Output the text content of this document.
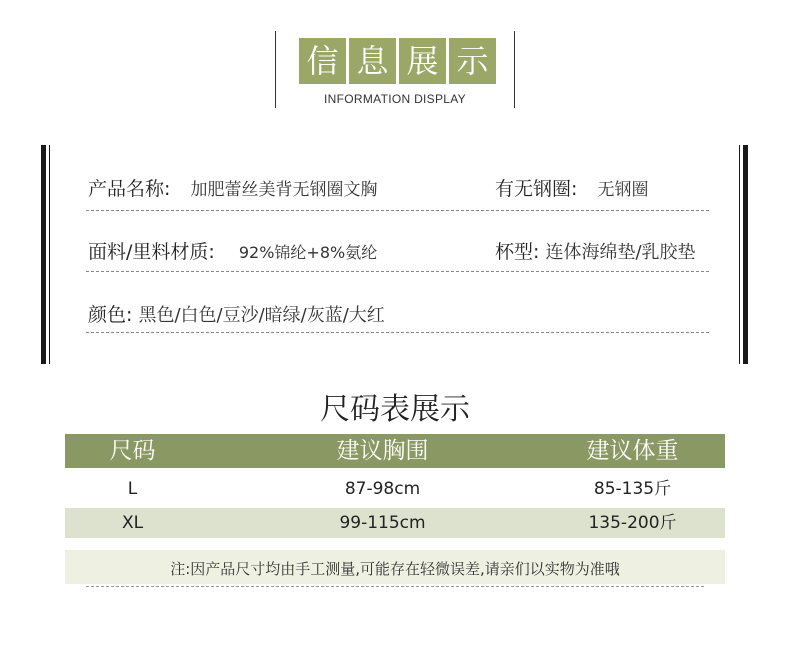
信 息 展 示
INFORMATION DISPLAY
产品名称: 加肥蕾丝美背无钢圈文胸	有无钢圈: 无钢圈
面料/里料材质: 92%锦纶+8%氨纶	杯型: 连体海绵垫/乳胶垫
颜色: 黑色/白色/豆沙/暗绿/灰蓝/大红
尺码表展示
尺码	建议胸围	建议体重
L	87-98cm	85-135斤
XL	99-115cm	135-200斤
注:因产品尺寸均由手工测量,可能存在轻微误差,请亲们以实物为准哦
